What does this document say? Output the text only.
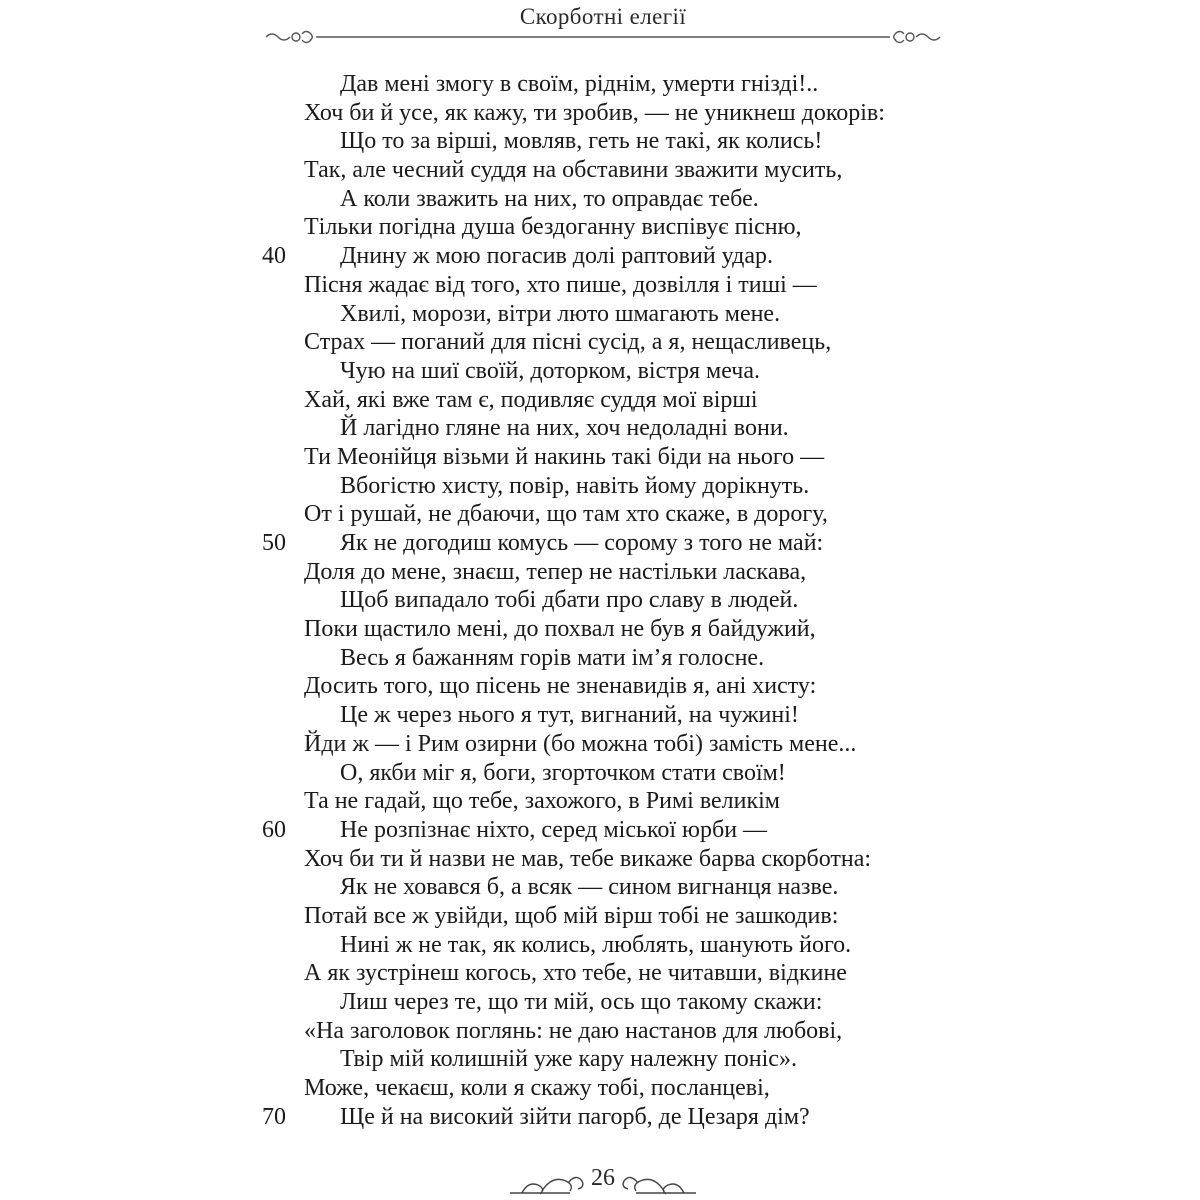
Скорботні елегії
Дав мені змогу в своїм, ріднім, умерти гнізді!..
Хоч би й усе, як кажу, ти зробив, — не уникнеш докорів:
Що то за вірші, мовляв, геть не такі, як колись!
Так, але чесний суддя на обставини зважити мусить,
А коли зважить на них, то оправдає тебе.
Тільки погідна душа бездоганну виспівує пісню,
40 Днину ж мою погасив долі раптовий удар.
Пісня жадає від того, хто пише, дозвілля і тиші —
Хвилі, морози, вітри люто шмагають мене.
Страх — поганий для пісні сусід, а я, нещасливець,
Чую на шиї своїй, доторком, вістря меча.
Хай, які вже там є, подивляє суддя мої вірші
Й лагідно гляне на них, хоч недоладні вони.
Ти Меонійця візьми й накинь такі біди на нього —
Вбогістю хисту, повір, навіть йому дорікнуть.
От і рушай, не дбаючи, що там хто скаже, в дорогу,
50 Як не догодиш комусь — сорому з того не май:
Доля до мене, знаєш, тепер не настільки ласкава,
Щоб випадало тобі дбати про славу в людей.
Поки щастило мені, до похвал не був я байдужий,
Весь я бажанням горів мати ім’я голосне.
Досить того, що пісень не зненавидів я, ані хисту:
Це ж через нього я тут, вигнаний, на чужині!
Йди ж — і Рим озирни (бо можна тобі) замість мене...
О, якби міг я, боги, згорточком стати своїм!
Та не гадай, що тебе, захожого, в Римі великім
60 Не розпізнає ніхто, серед міської юрби —
Хоч би ти й назви не мав, тебе викаже барва скорботна:
Як не ховався б, а всяк — сином вигнанця назве.
Потай все ж увійди, щоб мій вірш тобі не зашкодив:
Нині ж не так, як колись, люблять, шанують його.
А як зустрінеш когось, хто тебе, не читавши, відкине
Лиш через те, що ти мій, ось що такому скажи:
«На заголовок поглянь: не даю настанов для любові,
Твір мій колишній уже кару належну поніс».
Може, чекаєш, коли я скажу тобі, посланцеві,
70 Ще й на високий зійти пагорб, де Цезаря дім?
26
